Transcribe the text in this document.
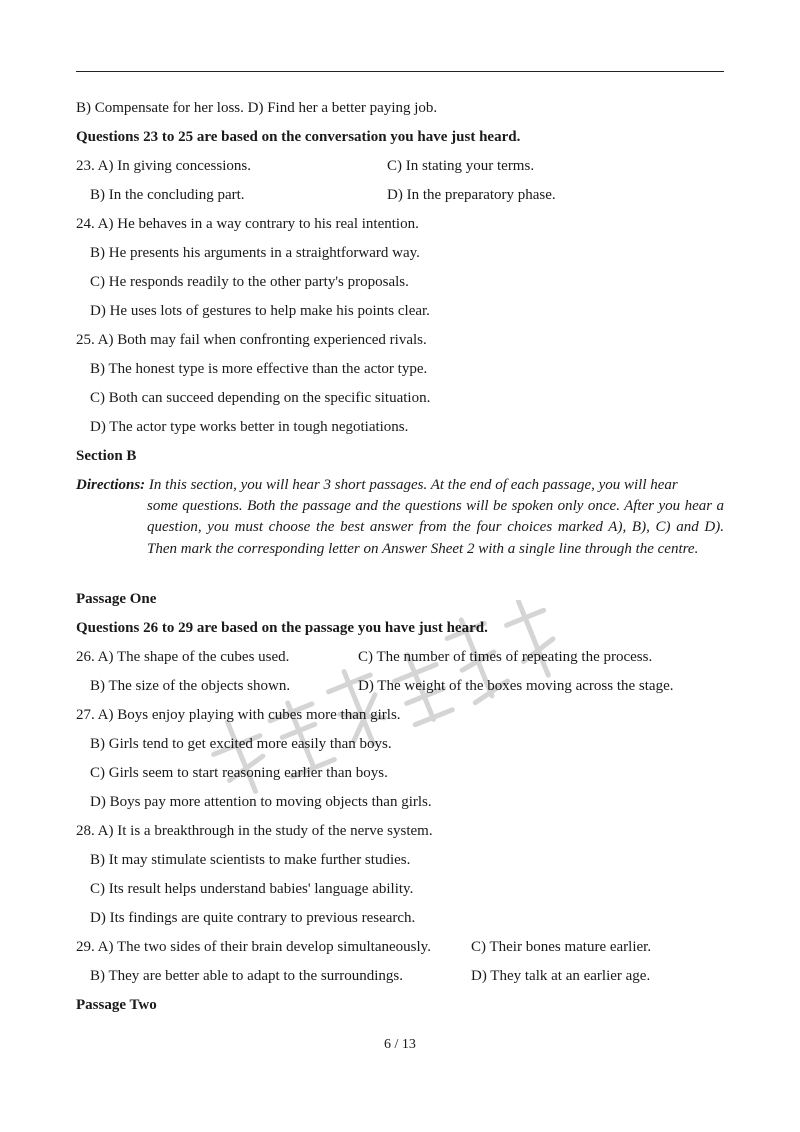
B) Compensate for her loss. D) Find her a better paying job.
Questions 23 to 25 are based on the conversation you have just heard.
23. A) In giving concessions.	C) In stating your terms.
B) In the concluding part.	D) In the preparatory phase.
24. A) He behaves in a way contrary to his real intention.
B) He presents his arguments in a straightforward way.
C) He responds readily to the other party's proposals.
D) He uses lots of gestures to help make his points clear.
25. A) Both may fail when confronting experienced rivals.
B) The honest type is more effective than the actor type.
C) Both can succeed depending on the specific situation.
D) The actor type works better in tough negotiations.
Section B

Directions: In this section, you will hear 3 short passages. At the end of each passage, you will hear

some questions. Both the passage and the questions will be spoken only once. After you hear a question, you must choose the best answer from the four choices marked A), B), C) and D). Then mark the corresponding letter on Answer Sheet 2 with a single line through the centre.

Passage One
Questions 26 to 29 are based on the passage you have just heard.
26. A) The shape of the cubes used.	C) The number of times of repeating the process.
B) The size of the objects shown.	D) The weight of the boxes moving across the stage.
27. A) Boys enjoy playing with cubes more than girls.
B) Girls tend to get excited more easily than boys.
C) Girls seem to start reasoning earlier than boys.
D) Boys pay more attention to moving objects than girls.
28. A) It is a breakthrough in the study of the nerve system.
B) It may stimulate scientists to make further studies.
C) Its result helps understand babies' language ability.
D) Its findings are quite contrary to previous research.
29. A) The two sides of their brain develop simultaneously.	C) Their bones mature earlier.
B) They are better able to adapt to the surroundings.	D) They talk at an earlier age.
Passage Two
6 / 13
